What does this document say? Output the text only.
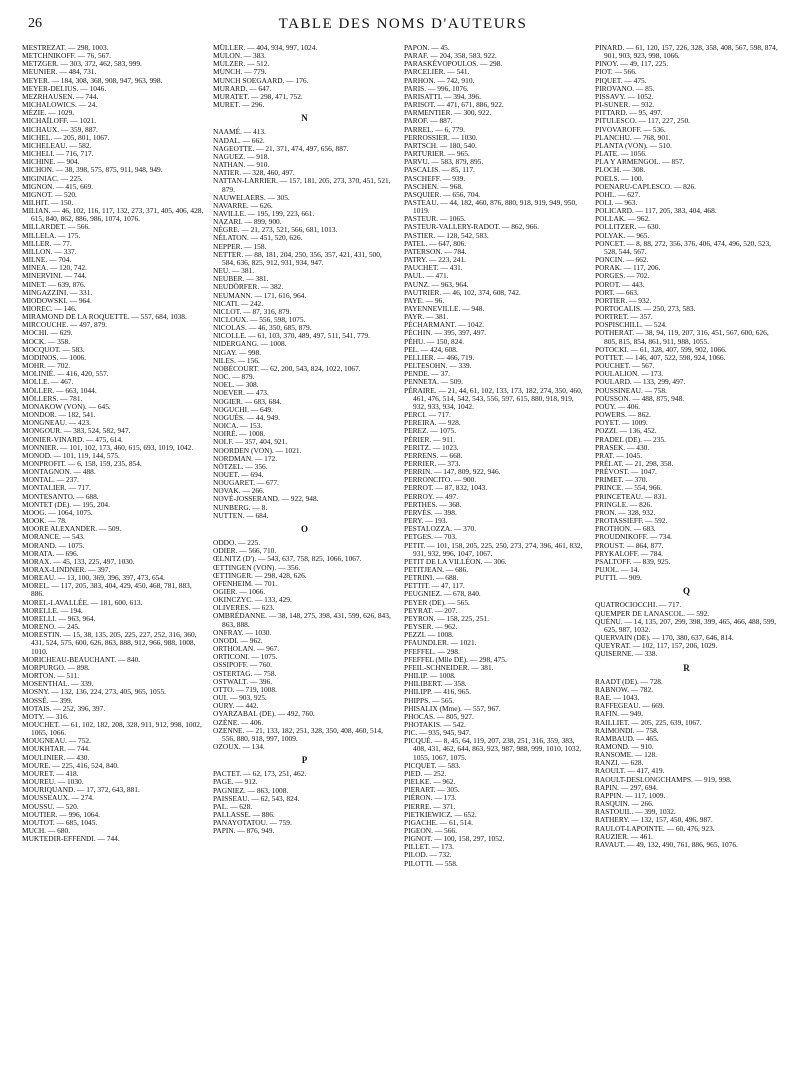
26	TABLE DES NOMS D'AUTEURS
MESTREZAT. — 298, 1003.
METCHNIKOFF. — 76, 567.
METZGER. — 303, 372, 462, 583, 999.
MEUNIER. — 484, 731.
MEYER. — 184, 308, 368, 908, 947, 963, 998.
MEYER-DELIUS. — 1046.
MEZRHAUSEN. — 744.
MICHALOWICS. — 24.
MÉZIE. — 1029.
MICHAÏLOFF. — 1021.
MICHAUX. — 359, 887.
MICHEL. — 205, 801, 1067.
MICHELEAU. — 582.
MICHELI. — 716, 717.
MICHINE. — 904.
MICHON. — 38, 398, 575, 875, 911, 948, 949.
MIGINIAC. — 225.
MIGNON. — 415, 669.
MIGNOT. — 520.
MILHIT. — 150.
MILIAN. — 46, 102, 116, 117, 132, 273, 371, 405, 406, 428, 615, 840, 862, 886, 986, 1074, 1076.
MILLARDET. — 566.
MILLELA. — 175.
MILLER. — 77.
MILLON. — 337.
MILNE. — 704.
MINEA. — 120, 742.
MINERVINI. — 744.
MINET. — 639, 876.
MINGAZZINI. — 331.
MIODOWSKI. — 964.
MIOREC. — 146.
MIRAMOND DE LA ROQUETTE. — 557, 684, 1038.
MIRCOUCHE. — 497, 879.
MOCHI. — 629.
MOCK. — 358.
MOCQUOT. — 583.
MODINOS. — 1006.
MOHR. — 702.
MOLINIÉ. — 416, 420, 557.
MOLLE. — 467.
MÖLLER. — 663, 1044.
MÖLLERS. — 781.
MONAKOW (VON). — 645.
MONDOR. — 182, 541.
MONGNEAU. — 423.
MONGOUR. — 383, 524, 582, 947.
MONIER-VINARD. — 475, 614.
MONNIER. — 101, 102, 173, 460, 615, 693, 1019, 1042.
MONOD. — 101, 119, 144, 575.
MONPROFIT. — 6, 158, 159, 235, 854.
MONTAGNON. — 488.
MONTAL. — 237.
MONTALIER. — 717.
MONTESANTO. — 688.
MONTET (DE). — 195, 204.
MOOG. — 1064, 1075.
MOOK. — 78.
MOORE ALEXANDER. — 509.
MORANCE. — 543.
MORAND. — 1075.
MORATA. — 696.
MORAX. — 45, 133, 225, 497, 1030.
MORAX-LINDNER. — 397.
MOREAU. — 13, 100, 369, 396, 397, 473, 654.
MOREL. — 117, 205, 383, 404, 429, 450, 468, 781, 883, 886.
MOREL-LAVALLÉE. — 181, 600, 613.
MORELLE. — 194.
MORELLI. — 963, 964.
MORENO. — 245.
MORESTIN. — 15, 38, 135, 205, 225, 227, 252, 316, 360, 431, 524, 575, 600, 626, 863, 888, 912, 966, 988, 1008, 1010.
MORICHEAU-BEAUCHANT. — 840.
MORPURGO. — 898.
MORTON. — 511.
MOSENTHAL. — 339.
MOSNY. — 132, 136, 224, 273, 405, 965, 1055.
MOSSÉ. — 399.
MOTAIS. — 252, 396, 397.
MOTY. — 316.
MOUCHET. — 61, 102, 182, 208, 328, 911, 912, 998, 1002, 1065, 1066.
MOUGNEAU. — 752.
MOUKHTAR. — 744.
MOULINIER. — 430.
MOURE. — 225, 416, 524, 840.
MOURET. — 418.
MOUREU. — 1030.
MOURIQUAND. — 17, 372, 643, 881.
MOUSSEAUX. — 274.
MOUSSU. — 520.
MOUTIER. — 996, 1064.
MOUTOT. — 685, 1045.
MUCH. — 680.
MUKTEDIR-EFFENDI. — 744.
MÜLLER. — 404, 934, 997, 1024.
MULON. — 383.
MULZER. — 512.
MUNCH. — 779.
MUNCH SOEGAARD. — 176.
MURARD. — 647.
MURATET. — 298, 471, 752.
MURET. — 296.
N
NAAMÉ. — 413.
NADAL. — 662.
NAGEOTTE. — 21, 371, 474, 497, 656, 887.
NAGUEZ. — 918.
NATHAN. — 910.
NATIER. — 328, 460, 497.
NATTAN-LARRIER. — 157, 181, 205, 273, 370, 451, 521, 879.
NAUWELAERS. — 305.
NAVARRE. — 626.
NAVILLE. — 195, 199, 223, 661.
NAZARI. — 899, 900.
NÈGRE. — 21, 273, 521, 566, 681, 1013.
NÉLATON. — 451, 520, 626.
NEPPER. — 158.
NETTER. — 88, 181, 204, 250, 356, 357, 421, 431, 500, 584, 636, 825, 912, 931, 934, 947.
NEU. — 381.
NEUBER. — 381.
NEUDÖRFER. — 382.
NEUMANN. — 171, 616, 964.
NICATI. — 242.
NICLOT. — 87, 316, 879.
NICLOUX. — 556, 598, 1075.
NICOLAS. — 46, 350, 685, 879.
NICOLLE. — 61, 103, 370, 489, 497, 511, 541, 779.
NIDERGANG. — 1008.
NIGAY. — 998.
NILES. — 156.
NOBÉCOURT. — 62, 200, 543, 824, 1022, 1067.
NOC. — 879.
NOEL. — 308.
NOEVER. — 473.
NOGIER. — 683, 684.
NOGUCHI. — 649.
NOGUÈS. — 44, 949.
NOICA. — 153.
NOIRÉ. — 1008.
NOLF. — 357, 404, 921.
NOORDEN (VON). — 1021.
NORDMAN. — 172.
NÖTZEL. — 356.
NOUET. — 694.
NOUGARET. — 677.
NOVAK. — 266.
NOVÉ-JOSSERAND. — 922, 948.
NUNBERG. — 8.
NUTTEN. — 684.
O
ODDO. — 225.
ODIER. — 566, 710.
ŒLNITZ (D'). — 543, 637, 758, 825, 1066, 1067.
ŒTTINGEN (VON). — 356.
ŒTTINGER. — 298, 428, 626.
OFENHEIM. — 701.
OGIER. — 1066.
OKINCZYC. — 133, 429.
OLIVERES. — 623.
OMBRÉDANNE. — 38, 148, 275, 398, 431, 599, 626, 843, 863, 888.
ONFRAY. — 1030.
ONODI. — 962.
ORTHOLAN. — 967.
ORTICONI. — 1075.
OSSIPOFF. — 760.
OSTERTAG. — 758.
OSTWALT. — 396.
OTTO. — 719, 1008.
OUI. — 903, 925.
OURY. — 442.
OYARZABAL (DE). — 492, 760.
OZÈNE. — 406.
OZENNE. — 21, 133, 182, 251, 328, 350, 408, 460, 514, 556, 880, 918, 997, 1009.
OZOUX. — 134.
P
PACTET. — 62, 173, 251, 462.
PAGE. — 912.
PAGNIEZ. — 863, 1008.
PAISSEAU. — 62, 543, 824.
PAL. — 628.
PALLASSE. — 886.
PANAYOTATOU. — 759.
PAPIN. — 876, 949.
PAPON. — 45.
PARAF. — 204, 358, 583, 922.
PARASKÉVOPOULOS. — 298.
PARCELIER. — 541.
PARHON. — 742, 910.
PARIS. — 996, 1076.
PARISATTI. — 394, 396.
PARISOT. — 471, 671, 886, 922.
PARMENTIER. — 300, 922.
PAROF. — 887.
PARREL. — 6, 779.
PERROSSIER. — 1030.
PARTSCH. — 180, 540.
PARTURIER. — 965.
PARVU. — 583, 879, 895.
PASCALIS. — 85, 117.
PASCHEFF. — 939.
PASCHEN. — 968.
PASQUIER. — 656, 704.
PASTEAU. — 44, 182, 460, 876, 880, 918, 919, 949, 950, 1019.
PASTEUR. — 1065.
PASTEUR-VALLERY-RADOT. — 862, 966.
PASTIER. — 128, 542, 583.
PATEL. — 647, 806.
PATERSON. — 784.
PATRY. — 223, 241.
PAUCHET. — 431.
PAUL. — 471.
PAUNZ. — 963, 964.
PAUTRIER. — 46, 102, 374, 608, 742.
PAYE. — 96.
PAYENNEVILLE. — 948.
PAYR. — 381.
PÉCHARMANT. — 1042.
PÉCHIN. — 395, 397, 497.
PÉHU. — 150, 824.
PEL. — 424, 608.
PELLIER. — 466, 719.
PELTESOHN. — 339.
PENDE. — 37.
PENNETA. — 509.
PÉRAIRE. — 21, 44, 61, 102, 133, 173, 182, 274, 350, 460, 461, 476, 514, 542, 543, 556, 597, 615, 880, 918, 919, 932, 933, 934, 1042.
PERCI. — 717.
PEREIRA. — 928.
PEREZ. — 1075.
PÉRIER. — 911.
PERITZ. — 1023.
PERRENS. — 668.
PERRIER. — 373.
PERRIN. — 147, 809, 922, 946.
PERRONCITO. — 900.
PERROT. — 87, 832, 1043.
PERROY. — 497.
PERTHES. — 368.
PERVÈS. — 398.
PERY. — 193.
PESTALOZZA. — 370.
PETGES. — 703.
PETIT. — 101, 158, 205, 225, 250, 273, 274, 396, 461, 832, 931, 932, 996, 1047, 1067.
PETIT DE LA VILLÉON. — 306.
PETITJEAN. — 686.
PETRINI. — 688.
PETTIT. — 47, 117.
PEUGNIEZ. — 678, 840.
PEYER (DE). — 565.
PEYRAT. — 207.
PEYRON. — 158, 225, 251.
PEYSER. — 962.
PEZZI. — 1008.
PFAUNDLER. — 1021.
PFEFFEL. — 298.
PFEFFEL (Mlle DE). — 298, 475.
PFEIL-SCHNEIDER. — 381.
PHILIP. — 1008.
PHILIBERT. — 358.
PHILIPP. — 416, 965.
PHIPPS. — 565.
PHISALIX (Mme). — 557, 967.
PHOCAS. — 805, 927.
PHOTAKIS. — 542.
PIC. — 935, 945, 947.
PICQUÉ. — 8, 45, 64, 119, 207, 238, 251, 316, 359, 383, 408, 431, 462, 644, 863, 923, 987, 988, 999, 1010, 1032, 1055, 1067, 1075.
PICQUET. — 583.
PIED. — 252.
PIELKE. — 962.
PIERART. — 305.
PIÉRON. — 173.
PIERRE. — 371.
PIETKIEWICZ. — 652.
PIGACHE. — 61, 514.
PIGEON. — 566.
PIGNOT. — 100, 158, 297, 1052.
PILLET. — 173.
PILOD. — 732.
PILOTTI. — 558.
PINARD. — 61, 120, 157, 226, 328, 358, 408, 567, 598, 874, 901, 903, 923, 998, 1066.
PINOY. — 49, 117, 225.
PIOT. — 566.
PIQUET. — 475.
PIROVANO. — 85.
PISSAVY. — 1052.
PI-SUNER. — 932.
PITTARD. — 95, 497.
PITULESCO. — 117, 227, 250.
PIVOVAROFF. — 536.
PLANCHU. — 768, 901.
PLANTA (VON). — 510.
PLATE. — 1056.
PLA Y ARMENGOL. — 857.
PLOCH. — 308.
POELS. — 100.
POENARU-CAPLESCO. — 826.
POHL. — 627.
POLI. — 963.
POLICARD. — 117, 205, 383, 404, 468.
POLLAK. — 962.
POLLITZER. — 630.
POLYAK. — 965.
PONCET. — 8, 88, 272, 356, 376, 406, 474, 496, 520, 523, 528, 544, 567.
PONCIN. — 662.
PORAK. — 117, 206.
PORGES. — 702.
POROT. — 443.
PORT. — 663.
PORTIER. — 932.
PORTOCALIS. — 250, 273, 583.
PORTRET. — 357.
POSPISCHILL. — 524.
POTHERAT. — 38, 94, 119, 207, 316, 451, 567, 600, 626, 805, 815, 854, 861, 911, 988, 1055.
POTOCKI. — 61, 328, 407, 599, 902, 1066.
POTTET. — 146, 407, 522, 598, 924, 1066.
POUCHET. — 567.
POULALION. — 173.
POULARD. — 133, 299, 497.
POUSSINEAU. — 758.
POUSSON. — 488, 875, 948.
POUY. — 406.
POWERS. — 862.
POYET. — 1009.
POZZI. — 136, 452.
PRADEL (DE). — 235.
PRASEK. — 430.
PRAT. — 1045.
PRÉLAT. — 21, 298, 358.
PRÉVOST. — 1047.
PRIMET. — 370.
PRINCE. — 554, 966.
PRINCETEAU. — 831.
PRINGLE. — 826.
PRON. — 328, 932.
PROTASSIEFF. — 592.
PROTHON. — 683.
PROUDNIKOFF. — 734.
PROUST. — 864, 877.
PRYKALOFF. — 784.
PSALTOFF. — 839, 925.
PUJOL. — 14.
PUTTI. — 909.
Q
QUATROCIOCCHI. — 717.
QUEMPER DE LANASCOL. — 592.
QUÉNU. — 14, 135, 207, 299, 398, 399, 465, 466, 488, 599, 625, 987, 1032.
QUERVAIN (DE). — 170, 380, 637, 646, 814.
QUEYRAT. — 102, 117, 157, 206, 1029.
QUISERNE. — 338.
R
RAADT (DE). — 728.
RABNOW. — 782.
RAE. — 1043.
RAFFEGEAU. — 669.
RAFIN. — 949.
RAILLIET. — 205, 225, 639, 1067.
RAIMONDI. — 758.
RAMBAUD. — 465.
RAMOND. — 910.
RANSOME. — 128.
RANZI. — 628.
RAOULT. — 417, 419.
RAOULT-DESLONGCHAMPS. — 919, 998.
RAPIN. — 297, 694.
RAPPIN. — 117, 1009.
RASQUIN. — 266.
RASTOUIL. — 399, 1032.
RATHERY. — 132, 157, 450, 496, 987.
RAULOT-LAPOINTE. — 60, 476, 923.
RAUZIER. — 461.
RAVAUT. — 49, 132, 490, 761, 886, 965, 1076.
